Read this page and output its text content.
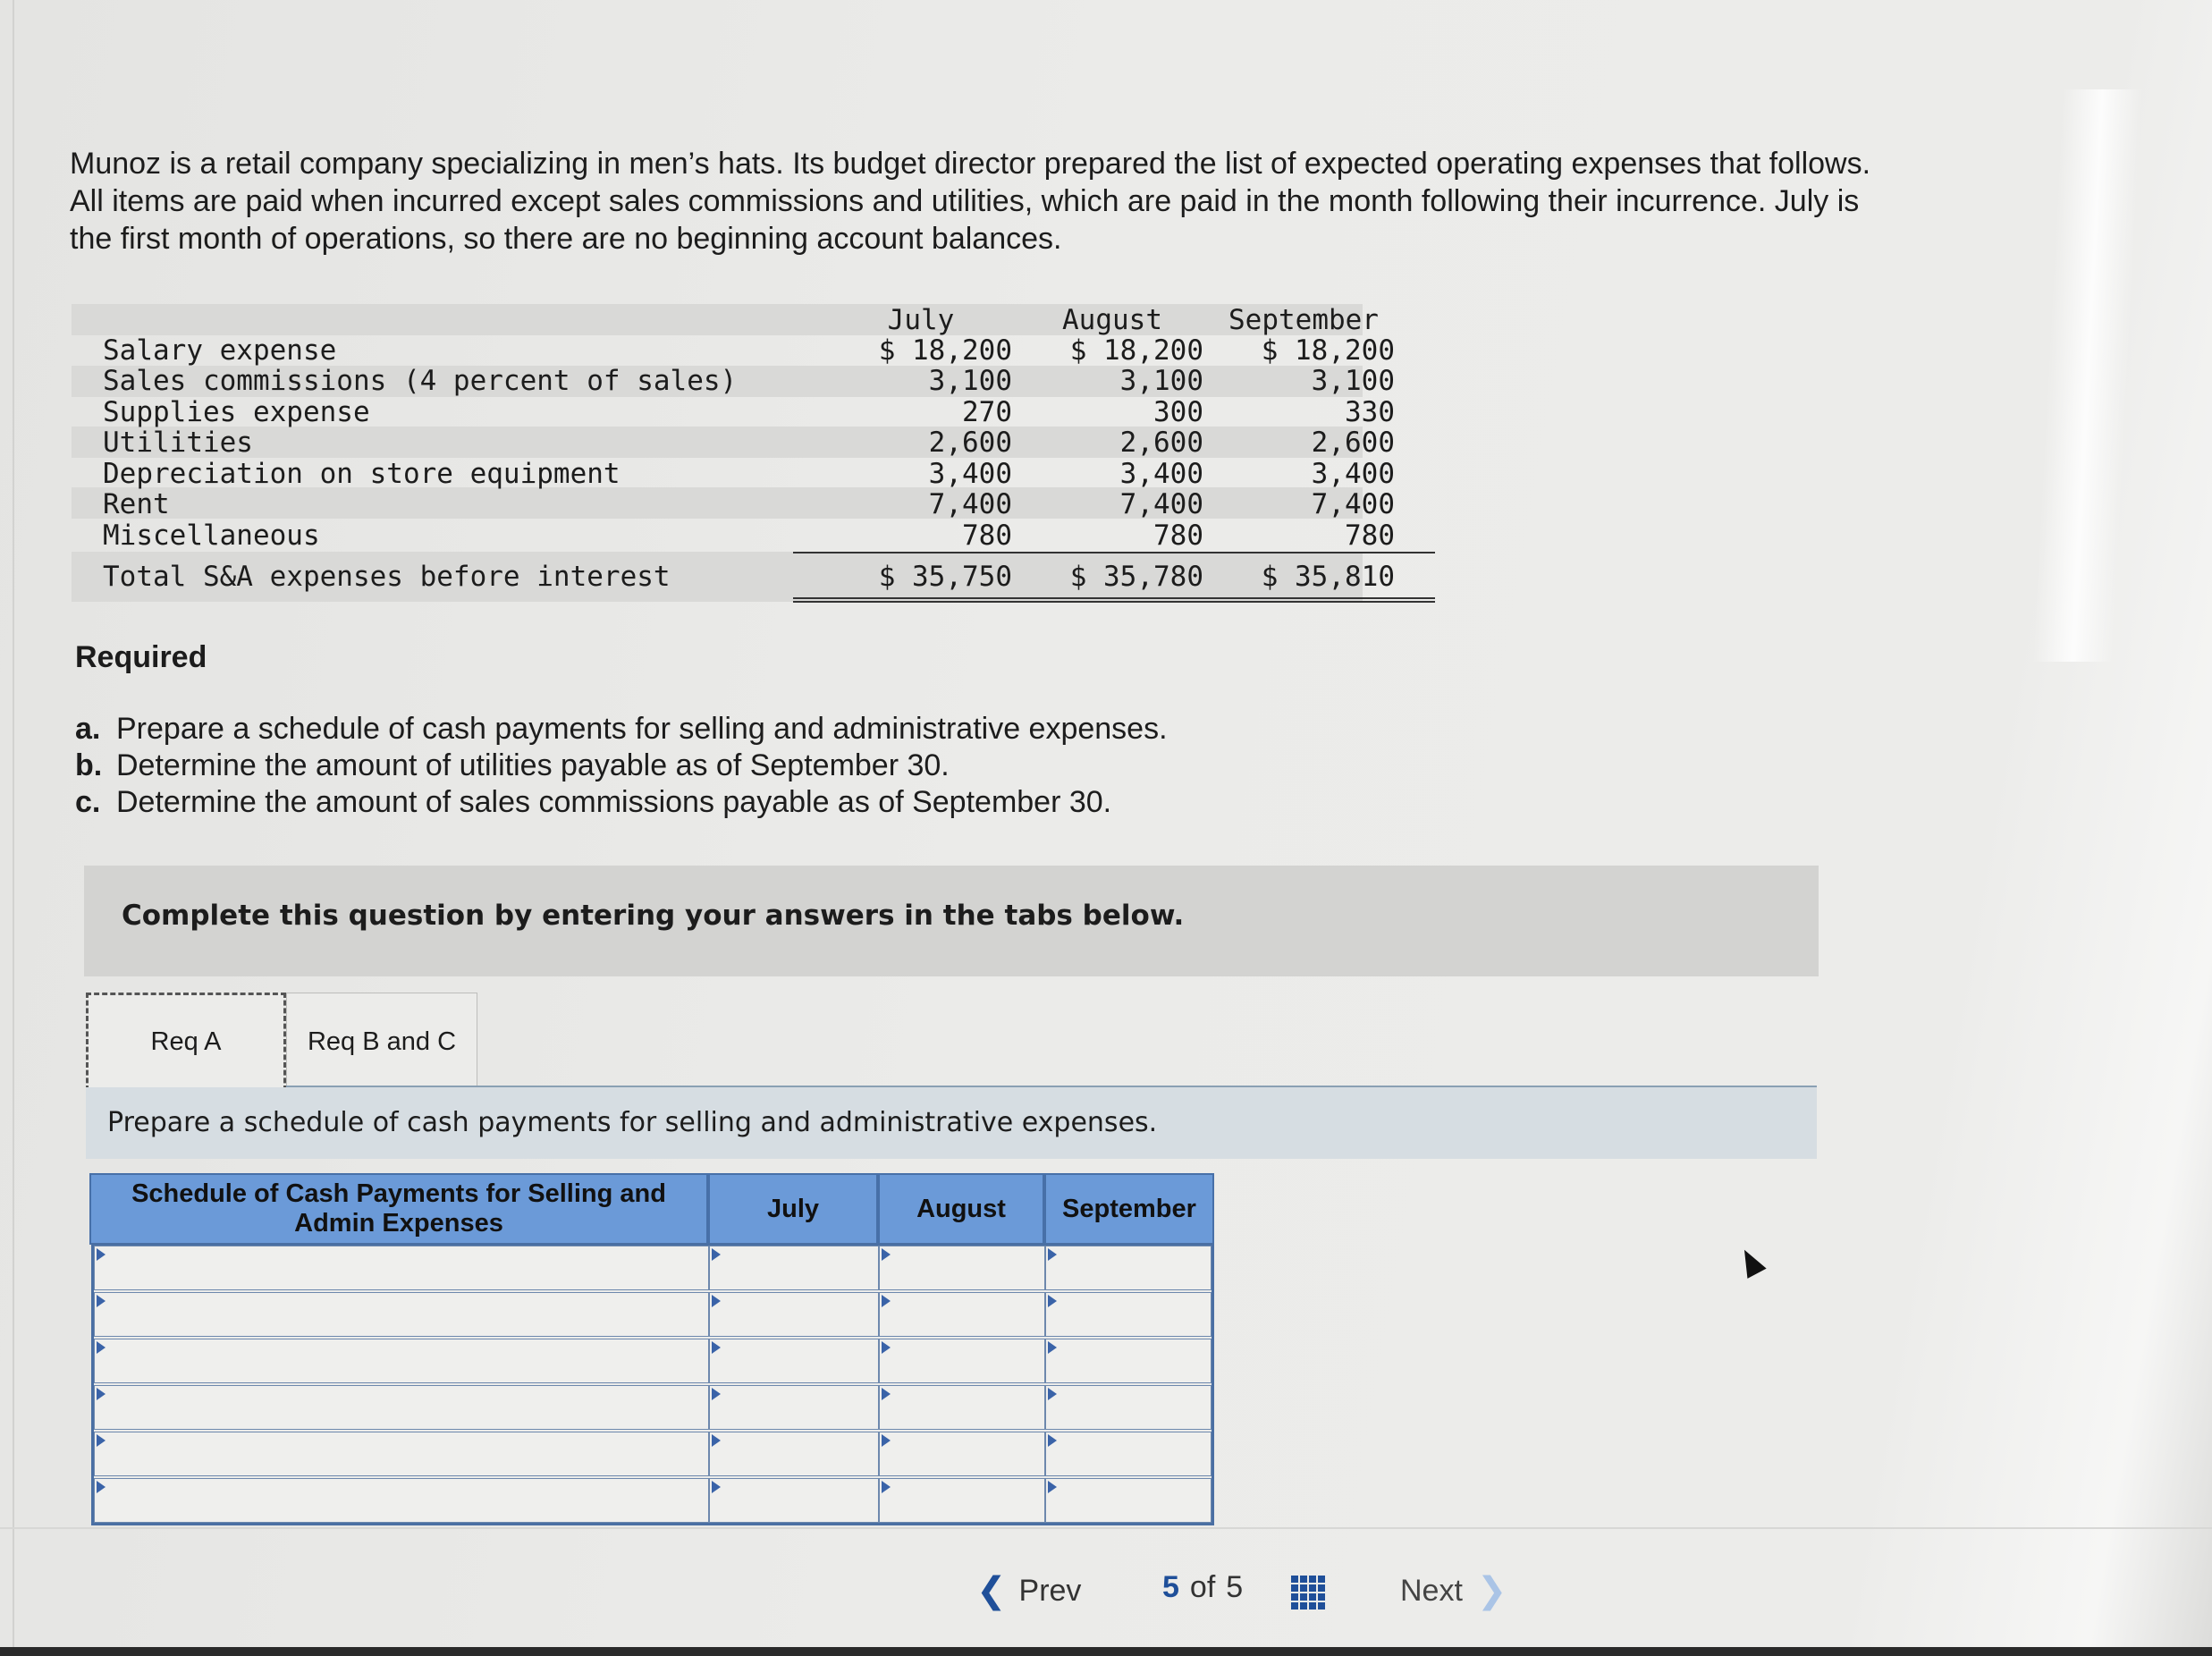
Munoz is a retail company specializing in men’s hats. Its budget director prepared the list of expected operating expenses that follows.
All items are paid when incurred except sales commissions and utilities, which are paid in the month following their incurrence. July is
the first month of operations, so there are no beginning account balances.
July	August	September
Salary expense	$ 18,200	$ 18,200	$ 18,200
Sales commissions (4 percent of sales)	3,100	3,100	3,100
Supplies expense	270	300	330
Utilities	2,600	2,600	2,600
Depreciation on store equipment	3,400	3,400	3,400
Rent	7,400	7,400	7,400
Miscellaneous	780	780	780
Total S&A expenses before interest	$ 35,750	$ 35,780	$ 35,810
Required
a. Prepare a schedule of cash payments for selling and administrative expenses.
b. Determine the amount of utilities payable as of September 30.
c. Determine the amount of sales commissions payable as of September 30.
Complete this question by entering your answers in the tabs below.
Req A	Req B and C
Prepare a schedule of cash payments for selling and administrative expenses.
Schedule of Cash Payments for Selling and
Admin Expenses
July	August	September
❮ Prev	5 of 5	Next ❯
